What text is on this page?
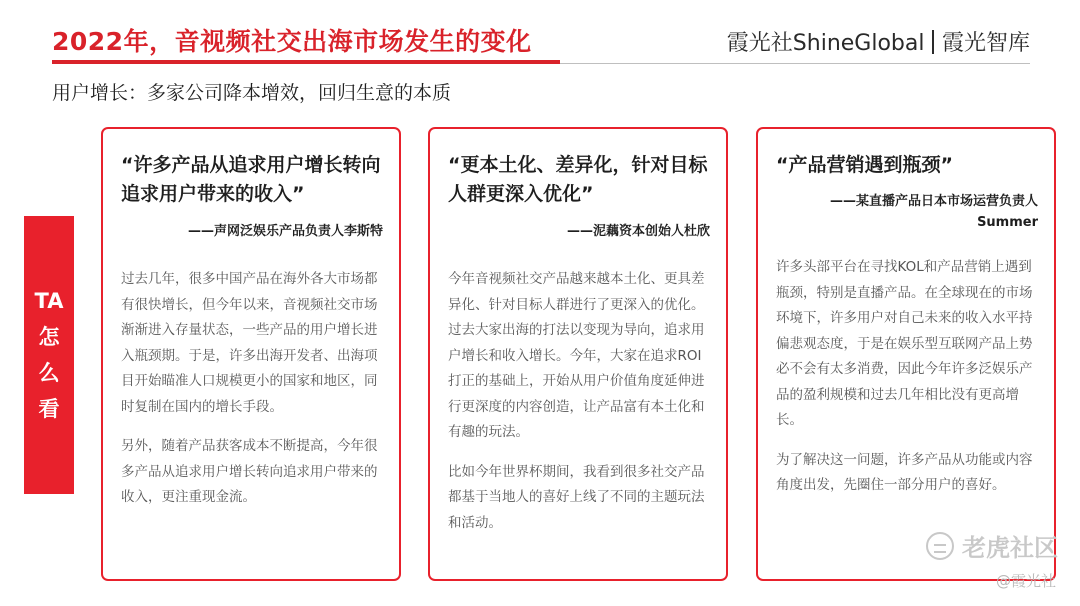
2022年，音视频社交出海市场发生的变化	霞光社ShineGlobal 霞光智库
用户增长：多家公司降本增效，回归生意的本质
TA
怎
么
看
“许多产品从追求用户增长转向追求用户带来的收入”
——声网泛娱乐产品负责人李斯特

过去几年，很多中国产品在海外各大市场都有很快增长，但今年以来，音视频社交市场渐渐进入存量状态，一些产品的用户增长进入瓶颈期。于是，许多出海开发者、出海项目开始瞄准人口规模更小的国家和地区，同时复制在国内的增长手段。

另外，随着产品获客成本不断提高，今年很多产品从追求用户增长转向追求用户带来的收入，更注重现金流。

“更本土化、差异化，针对目标人群更深入优化”
——泥藕资本创始人杜欣

今年音视频社交产品越来越本土化、更具差异化、针对目标人群进行了更深入的优化。过去大家出海的打法以变现为导向，追求用户增长和收入增长。今年，大家在追求ROI打正的基础上，开始从用户价值角度延伸进行更深度的内容创造，让产品富有本土化和有趣的玩法。

比如今年世界杯期间，我看到很多社交产品都基于当地人的喜好上线了不同的主题玩法和活动。

“产品营销遇到瓶颈”
——某直播产品日本市场运营负责人
Summer

许多头部平台在寻找KOL和产品营销上遇到瓶颈，特别是直播产品。在全球现在的市场环境下，许多用户对自己未来的收入水平持偏悲观态度，于是在娱乐型互联网产品上势必不会有太多消费，因此今年许多泛娱乐产品的盈利规模和过去几年相比没有更高增长。

为了解决这一问题，许多产品从功能或内容角度出发，先圈住一部分用户的喜好。

老虎社区
@霞光社
